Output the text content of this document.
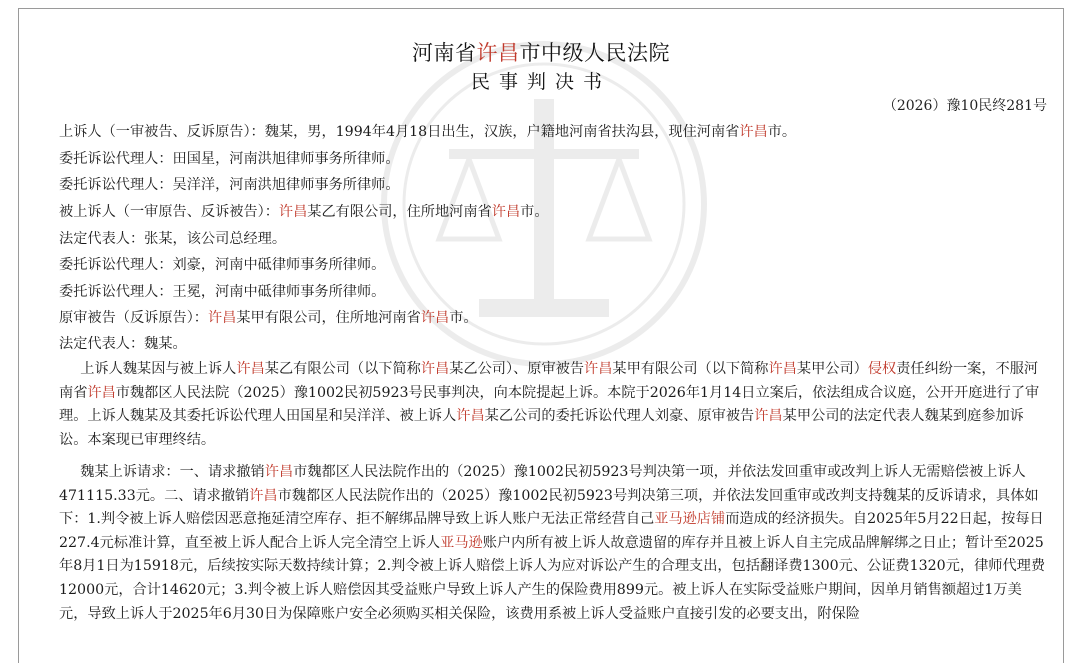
河南省许昌市中级人民法院
民事判决书
（2026）豫10民终281号
上诉人（一审被告、反诉原告）：魏某，男，1994年4月18日出生，汉族，户籍地河南省扶沟县，现住河南省许昌市。
委托诉讼代理人：田国星，河南洪旭律师事务所律师。
委托诉讼代理人：吴洋洋，河南洪旭律师事务所律师。
被上诉人（一审原告、反诉被告）：许昌某乙有限公司，住所地河南省许昌市。
法定代表人：张某，该公司总经理。
委托诉讼代理人：刘豪，河南中砥律师事务所律师。
委托诉讼代理人：王冕，河南中砥律师事务所律师。
原审被告（反诉原告）：许昌某甲有限公司，住所地河南省许昌市。
法定代表人：魏某。
上诉人魏某因与被上诉人许昌某乙有限公司（以下简称许昌某乙公司）、原审被告许昌某甲有限公司（以下简称许昌某甲公司）侵权责任纠纷一案，不服河南省许昌市魏都区人民法院（2025）豫1002民初5923号民事判决，向本院提起上诉。本院于2026年1月14日立案后，依法组成合议庭，公开开庭进行了审理。上诉人魏某及其委托诉讼代理人田国星和吴洋洋、被上诉人许昌某乙公司的委托诉讼代理人刘豪、原审被告许昌某甲公司的法定代表人魏某到庭参加诉讼。本案现已审理终结。
魏某上诉请求：一、请求撤销许昌市魏都区人民法院作出的（2025）豫1002民初5923号判决第一项，并依法发回重审或改判上诉人无需赔偿被上诉人471115.33元。二、请求撤销许昌市魏都区人民法院作出的（2025）豫1002民初5923号判决第三项，并依法发回重审或改判支持魏某的反诉请求，具体如下：1.判令被上诉人赔偿因恶意拖延清空库存、拒不解绑品牌导致上诉人账户无法正常经营自己亚马逊店铺而造成的经济损失。自2025年5月22日起，按每日227.4元标准计算，直至被上诉人配合上诉人完全清空上诉人亚马逊账户内所有被上诉人故意遗留的库存并且被上诉人自主完成品牌解绑之日止；暂计至2025年8月1日为15918元，后续按实际天数持续计算；2.判令被上诉人赔偿上诉人为应对诉讼产生的合理支出，包括翻译费1300元、公证费1320元，律师代理费12000元，合计14620元；3.判令被上诉人赔偿因其受益账户导致上诉人产生的保险费用899元。被上诉人在实际受益账户期间，因单月销售额超过1万美元，导致上诉人于2025年6月30日为保障账户安全必须购买相关保险，该费用系被上诉人受益账户直接引发的必要支出，附保险
